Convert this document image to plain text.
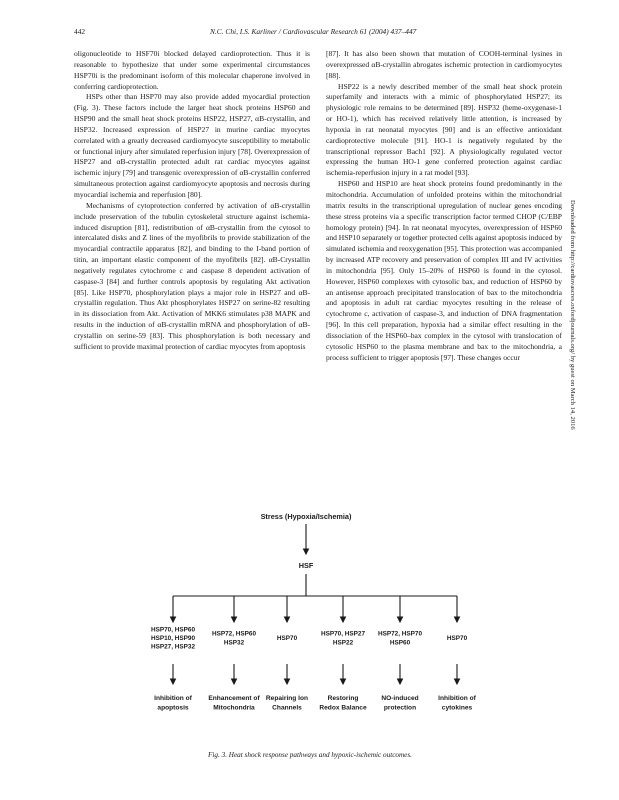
442	N.C. Chi, I.S. Karliner / Cardiovascular Research 61 (2004) 437–447

oligonucleotide to HSF70i blocked delayed cardioprotection. Thus it is reasonable to hypothesize that under some experimental circumstances HSP70i is the predominant isoform of this molecular chaperone involved in conferring cardioprotection.

HSPs other than HSP70 may also provide added myocardial protection (Fig. 3). These factors include the larger heat shock proteins HSP60 and HSP90 and the small heat shock proteins HSP22, HSP27, αB-crystallin, and HSP32. Increased expression of HSP27 in murine cardiac myocytes correlated with a greatly decreased cardiomyocyte susceptibility to metabolic or functional injury after simulated reperfusion injury [78]. Overexpression of HSP27 and αB-crystallin protected adult rat cardiac myocytes against ischemic injury [79] and transgenic overexpression of αB-crystallin conferred simultaneous protection against cardiomyocyte apoptosis and necrosis during myocardial ischemia and reperfusion [80].

Mechanisms of cytoprotection conferred by activation of αB-crystallin include preservation of the tubulin cytoskeletal structure against ischemia-induced disruption [81], redistribution of αB-crystallin from the cytosol to intercalated disks and Z lines of the myofibrils to provide stabilization of the myocardial contractile apparatus [82], and binding to the I-band portion of titin, an important elastic component of the myofibrils [82]. αB-Crystallin negatively regulates cytochrome c and caspase 8 dependent activation of caspase-3 [84] and further controls apoptosis by regulating Akt activation [85]. Like HSP70, phosphorylation plays a major role in HSP27 and αB-crystallin regulation. Thus Akt phosphorylates HSP27 on serine-82 resulting in its dissociation from Akt. Activation of MKK6 stimulates p38 MAPK and results in the induction of αB-crystallin mRNA and phosphorylation of αB-crystallin on serine-59 [83]. This phosphorylation is both necessary and sufficient to provide maximal protection of cardiac myocytes from apoptosis

[87]. It has also been shown that mutation of COOH-terminal lysines in overexpressed αB-crystallin abrogates ischemic protection in cardiomyocytes [88].

HSP22 is a newly described member of the small heat shock protein superfamily and interacts with a mimic of phosphorylated HSP27; its physiologic role remains to be determined [89]. HSP32 (heme-oxygenase-1 or HO-1), which has received relatively little attention, is increased by hypoxia in rat neonatal myocytes [90] and is an effective antioxidant cardioprotective molecule [91]. HO-1 is negatively regulated by the transcriptional repressor Bach1 [92]. A physiologically regulated vector expressing the human HO-1 gene conferred protection against cardiac ischemia-reperfusion injury in a rat model [93].

HSP60 and HSP10 are heat shock proteins found predominantly in the mitochondria. Accumulation of unfolded proteins within the mitochondrial matrix results in the transcriptional upregulation of nuclear genes encoding these stress proteins via a specific transcription factor termed CHOP (C/EBP homology protein) [94]. In rat neonatal myocytes, overexpression of HSP60 and HSP10 separately or together protected cells against apoptosis induced by simulated ischemia and reoxygenation [95]. This protection was accompanied by increased ATP recovery and preservation of complex III and IV activities in mitochondria [95]. Only 15–20% of HSP60 is found in the cytosol. However, HSP60 complexes with cytosolic bax, and reduction of HSP60 by an antisense approach precipitated translocation of bax to the mitochondria and apoptosis in adult rat cardiac myocytes resulting in the release of cytochrome c, activation of caspase-3, and induction of DNA fragmentation [96]. In this cell preparation, hypoxia had a similar effect resulting in the dissociation of the HSP60–bax complex in the cytosol with translocation of cytosolic HSP60 to the plasma membrane and bax to the mitochondria, a process sufficient to trigger apoptosis [97]. These changes occur	Downloaded from http://cardiovascres.oxfordjournals.org/ by guest on March 14, 2016
Stress (Hypoxia/Ischemia)
HSF
HSP70, HSP60
HSP10, HSP90
HSP27, HSP32
Inhibition of
apoptosis
HSP72, HSP60
HSP32
Enhancement of
Mitochondria
HSP70
Repairing Ion
Channels
HSP70, HSP27
HSP22
Restoring
Redox Balance
HSP72, HSP70
HSP60
NO-induced
protection
HSP70
Inhibition of
cytokines
Fig. 3. Heat shock response pathways and hypoxic-ischemic outcomes.
